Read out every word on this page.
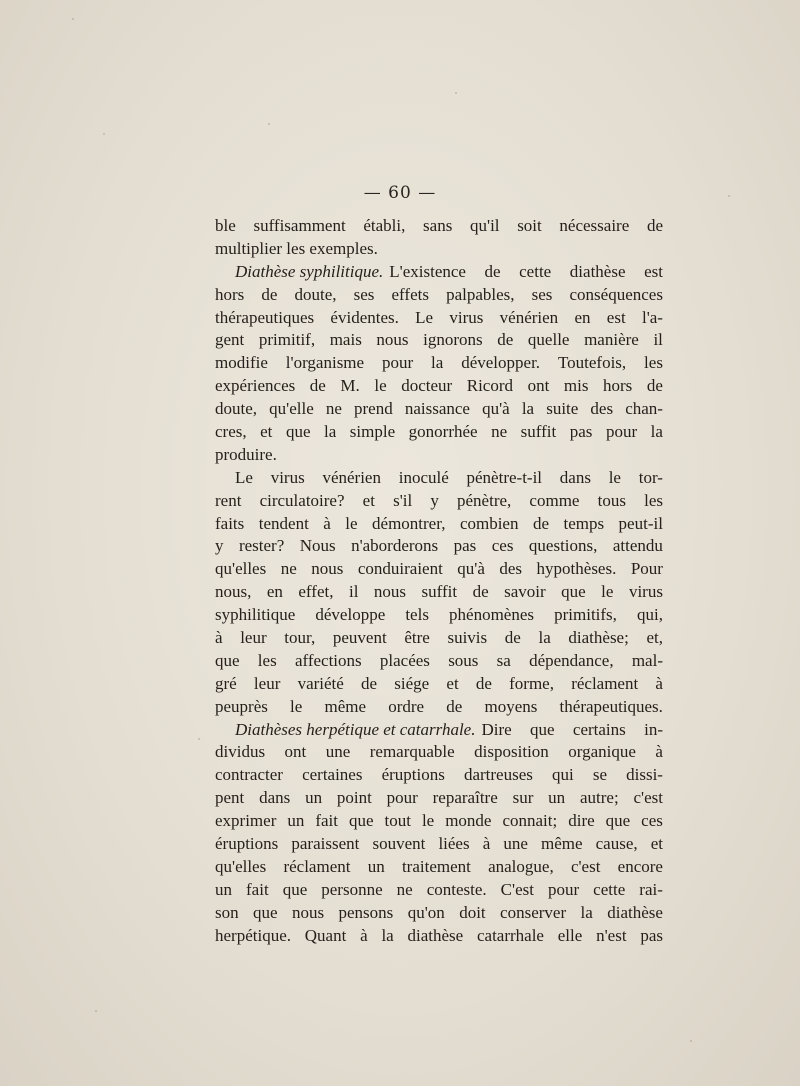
— 60 —
ble suffisamment établi, sans qu'il soit nécessaire de
multiplier les exemples.
Diathèse syphilitique. L'existence de cette diathèse est
hors de doute, ses effets palpables, ses conséquences
thérapeutiques évidentes. Le virus vénérien en est l'a-
gent primitif, mais nous ignorons de quelle manière il
modifie l'organisme pour la développer. Toutefois, les
expériences de M. le docteur Ricord ont mis hors de
doute, qu'elle ne prend naissance qu'à la suite des chan-
cres, et que la simple gonorrhée ne suffit pas pour la
produire.
Le virus vénérien inoculé pénètre-t-il dans le tor-
rent circulatoire? et s'il y pénètre, comme tous les
faits tendent à le démontrer, combien de temps peut-il
y rester? Nous n'aborderons pas ces questions, attendu
qu'elles ne nous conduiraient qu'à des hypothèses. Pour
nous, en effet, il nous suffit de savoir que le virus
syphilitique développe tels phénomènes primitifs, qui,
à leur tour, peuvent être suivis de la diathèse; et,
que les affections placées sous sa dépendance, mal-
gré leur variété de siége et de forme, réclament à
peuprès le même ordre de moyens thérapeutiques.
Diathèses herpétique et catarrhale. Dire que certains in-
dividus ont une remarquable disposition organique à
contracter certaines éruptions dartreuses qui se dissi-
pent dans un point pour reparaître sur un autre; c'est
exprimer un fait que tout le monde connait; dire que ces
éruptions paraissent souvent liées à une même cause, et
qu'elles réclament un traitement analogue, c'est encore
un fait que personne ne conteste. C'est pour cette rai-
son que nous pensons qu'on doit conserver la diathèse
herpétique. Quant à la diathèse catarrhale elle n'est pas
